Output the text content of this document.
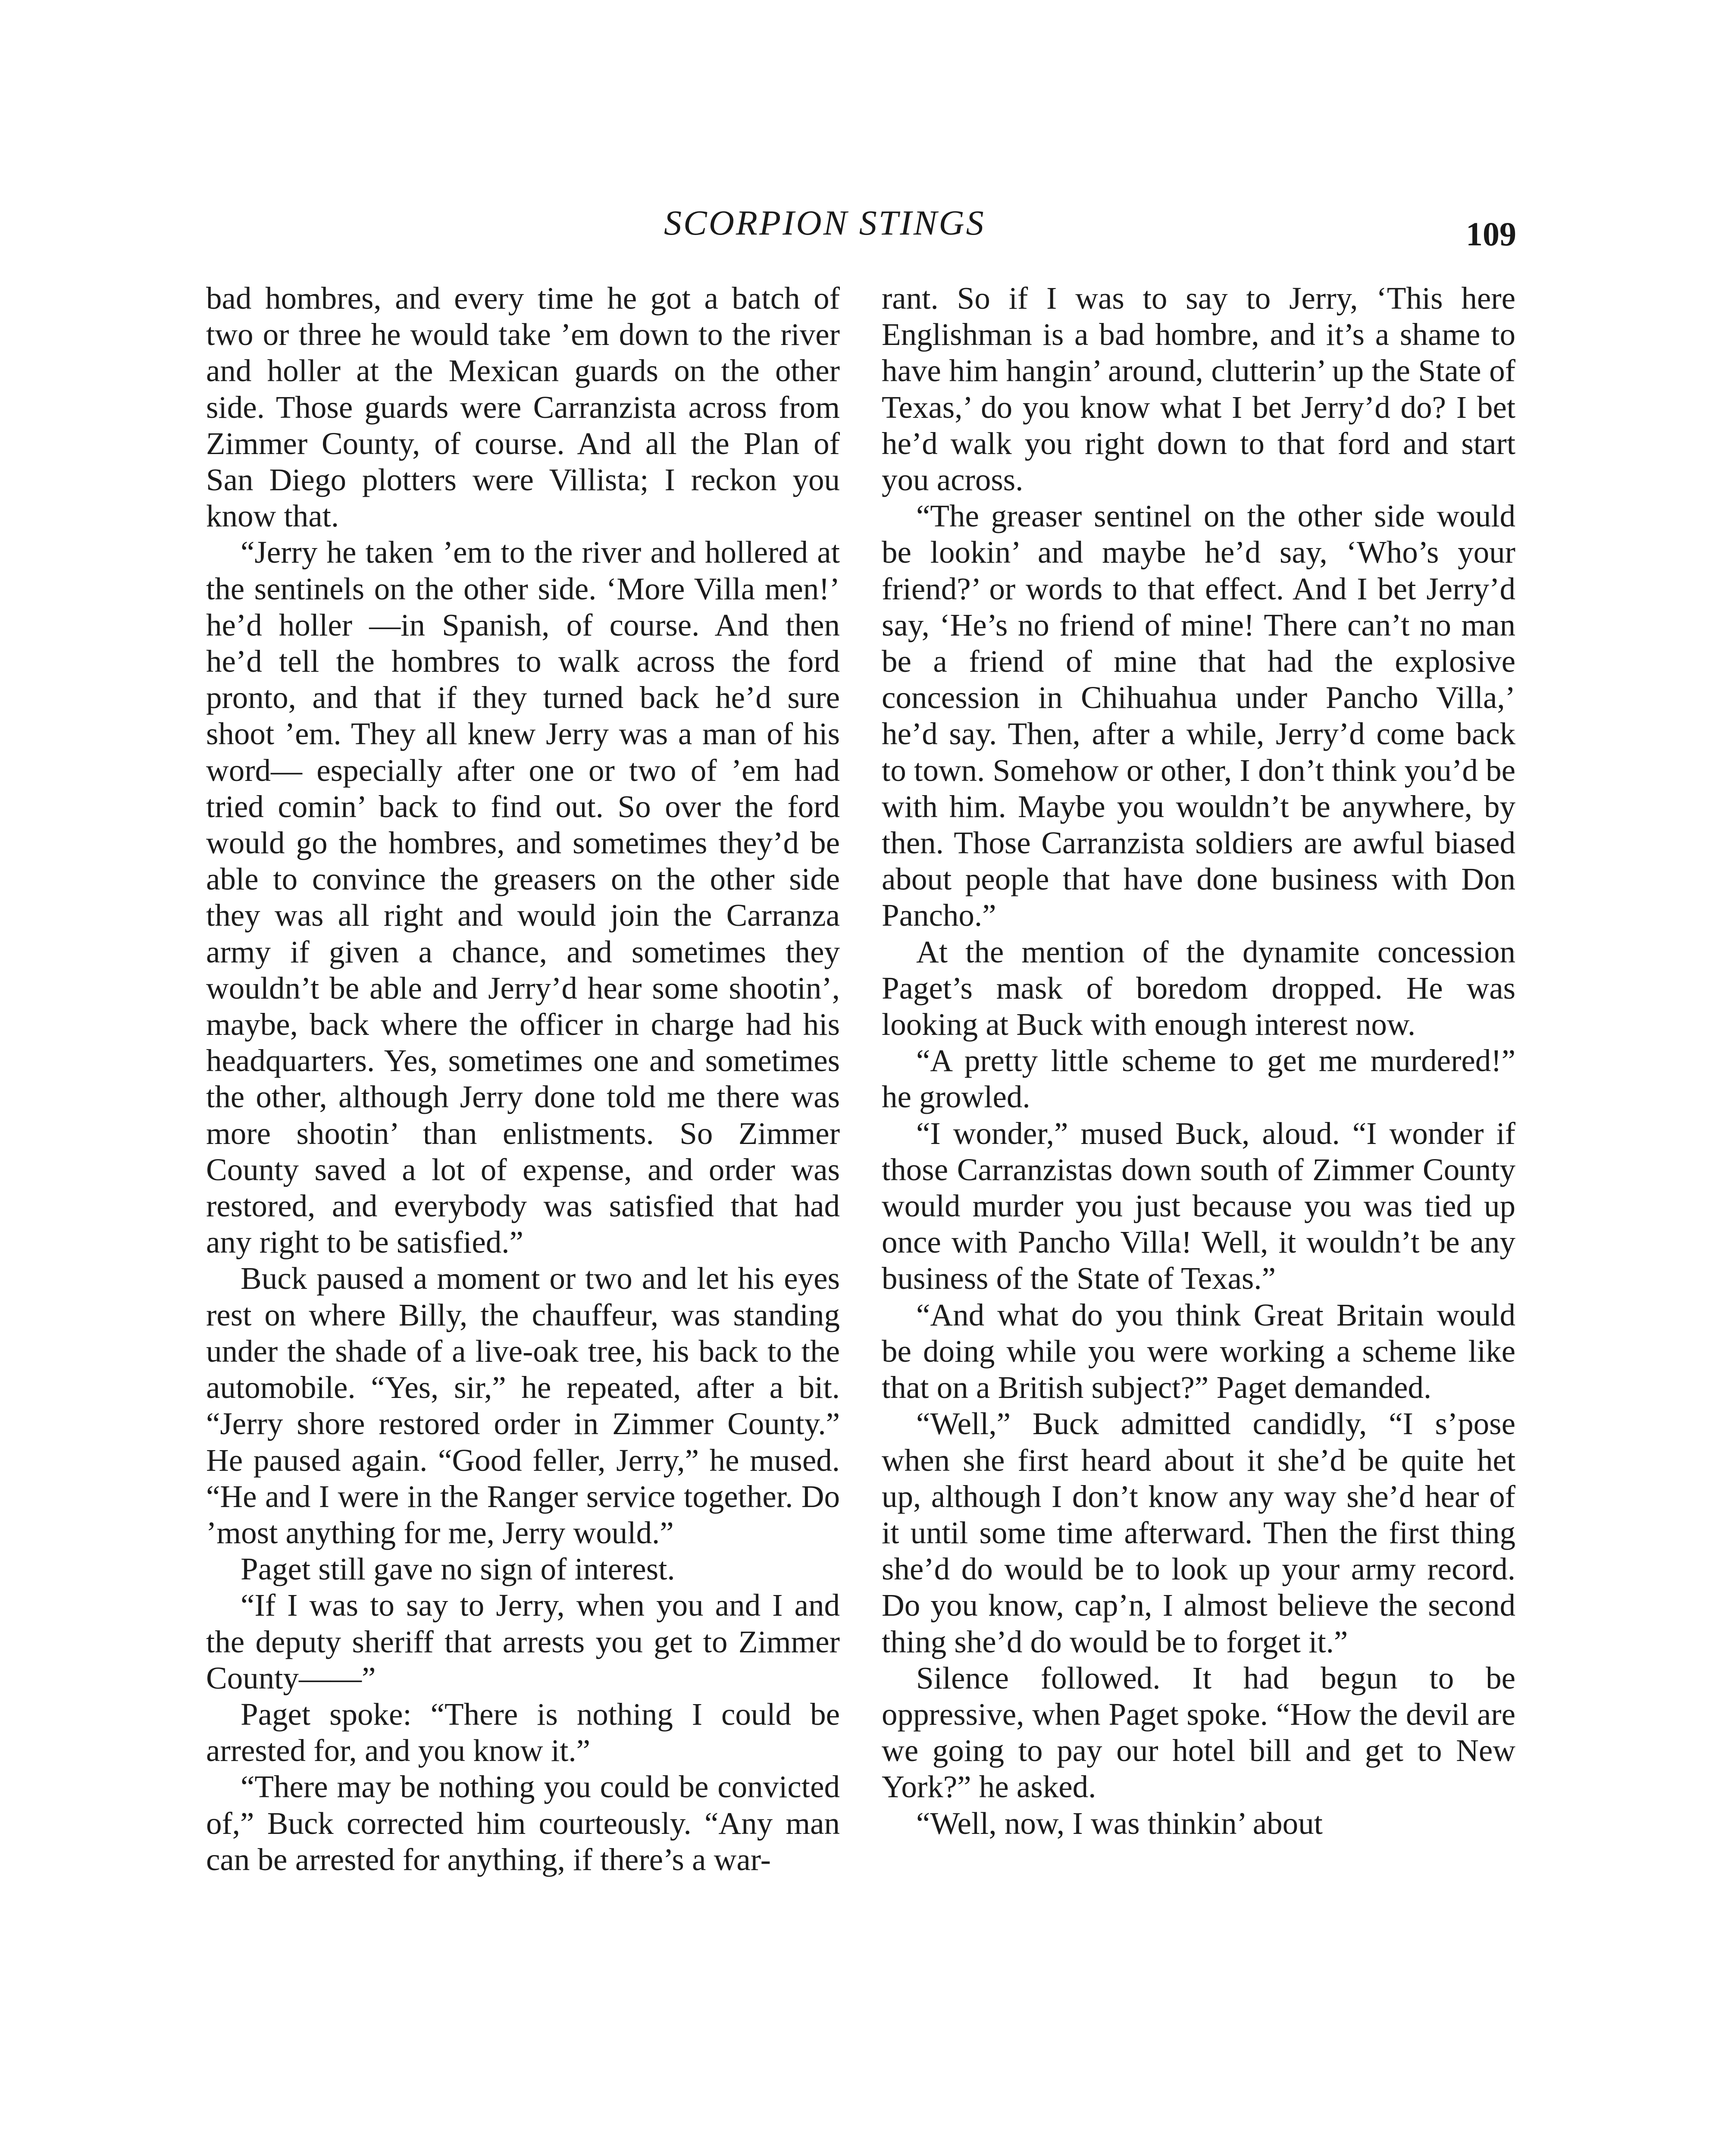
SCORPION STINGS	109

bad hombres, and every time he got a batch of two or three he would take ’em down to the river and holler at the Mexican guards on the other side. Those guards were Carranzista across from Zimmer County, of course. And all the Plan of San Diego plotters were Villista; I reckon you know that.

“Jerry he taken ’em to the river and hollered at the sentinels on the other side. ‘More Villa men!’ he’d holler —in Spanish, of course. And then he’d tell the hombres to walk across the ford pronto, and that if they turned back he’d sure shoot ’em. They all knew Jerry was a man of his word— especially after one or two of ’em had tried comin’ back to find out. So over the ford would go the hombres, and sometimes they’d be able to convince the greasers on the other side they was all right and would join the Carranza army if given a chance, and sometimes they wouldn’t be able and Jerry’d hear some shootin’, maybe, back where the officer in charge had his headquarters. Yes, sometimes one and sometimes the other, although Jerry done told me there was more shootin’ than enlistments. So Zimmer County saved a lot of expense, and order was restored, and everybody was satisfied that had any right to be satisfied.”

Buck paused a moment or two and let his eyes rest on where Billy, the chauffeur, was standing under the shade of a live-oak tree, his back to the automobile. “Yes, sir,” he repeated, after a bit. “Jerry shore restored order in Zimmer County.” He paused again. “Good feller, Jerry,” he mused. “He and I were in the Ranger service together. Do ’most anything for me, Jerry would.”

Paget still gave no sign of interest.

“If I was to say to Jerry, when you and I and the deputy sheriff that arrests you get to Zimmer County——”

Paget spoke: “There is nothing I could be arrested for, and you know it.”

“There may be nothing you could be convicted of,” Buck corrected him courteously. “Any man can be arrested for anything, if there’s a war-

rant. So if I was to say to Jerry, ‘This here Englishman is a bad hombre, and it’s a shame to have him hangin’ around, clutterin’ up the State of Texas,’ do you know what I bet Jerry’d do? I bet he’d walk you right down to that ford and start you across.

“The greaser sentinel on the other side would be lookin’ and maybe he’d say, ‘Who’s your friend?’ or words to that effect. And I bet Jerry’d say, ‘He’s no friend of mine! There can’t no man be a friend of mine that had the explosive concession in Chihuahua under Pancho Villa,’ he’d say. Then, after a while, Jerry’d come back to town. Somehow or other, I don’t think you’d be with him. Maybe you wouldn’t be anywhere, by then. Those Carranzista soldiers are awful biased about people that have done business with Don Pancho.”

At the mention of the dynamite concession Paget’s mask of boredom dropped. He was looking at Buck with enough interest now.

“A pretty little scheme to get me murdered!” he growled.

“I wonder,” mused Buck, aloud. “I wonder if those Carranzistas down south of Zimmer County would murder you just because you was tied up once with Pancho Villa! Well, it wouldn’t be any business of the State of Texas.”

“And what do you think Great Britain would be doing while you were working a scheme like that on a British subject?” Paget demanded.

“Well,” Buck admitted candidly, “I s’pose when she first heard about it she’d be quite het up, although I don’t know any way she’d hear of it until some time afterward. Then the first thing she’d do would be to look up your army record. Do you know, cap’n, I almost believe the second thing she’d do would be to forget it.”

Silence followed. It had begun to be oppressive, when Paget spoke. “How the devil are we going to pay our hotel bill and get to New York?” he asked.

“Well, now, I was thinkin’ about
